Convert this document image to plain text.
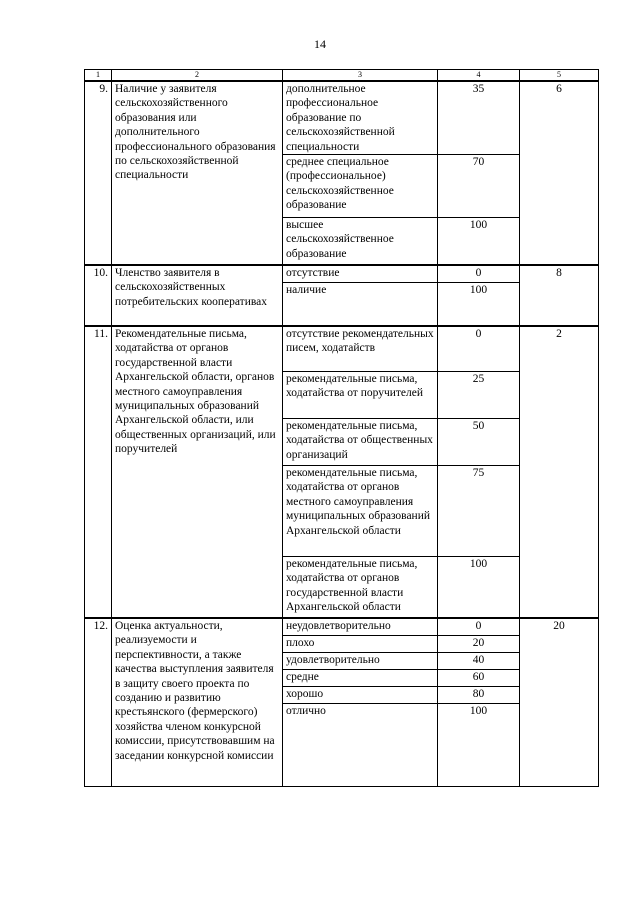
14
1	2	3	4	5
9.	Наличие у заявителя сельскохозяйственного образования или дополнительного профессионального образования по сельскохозяйственной специальности	дополнительное профессиональное образование по сельскохозяйственной специальности	35	6
		среднее специальное (профессиональное) сельскохозяйственное образование	70	
		высшее сельскохозяйственное образование	100	
10.	Членство заявителя в сельскохозяйственных потребительских кооперативах	отсутствие	0	8
		наличие	100	
11.	Рекомендательные письма, ходатайства от органов государственной власти Архангельской области, органов местного самоуправления муниципальных образований Архангельской области, или общественных организаций, или поручителей	отсутствие рекомендательных писем, ходатайств	0	2
		рекомендательные письма, ходатайства от поручителей	25	
		рекомендательные письма, ходатайства от общественных организаций	50	
		рекомендательные письма, ходатайства от органов местного самоуправления муниципальных образований Архангельской области	75	
		рекомендательные письма, ходатайства от органов государственной власти Архангельской области	100	
12.	Оценка актуальности, реализуемости и перспективности, а также качества выступления заявителя в защиту своего проекта по созданию и развитию крестьянского (фермерского) хозяйства членом конкурсной комиссии, присутствовавшим на заседании конкурсной комиссии	неудовлетворительно	0	20
		плохо	20	
		удовлетворительно	40	
		средне	60	
		хорошо	80	
		отлично	100	
